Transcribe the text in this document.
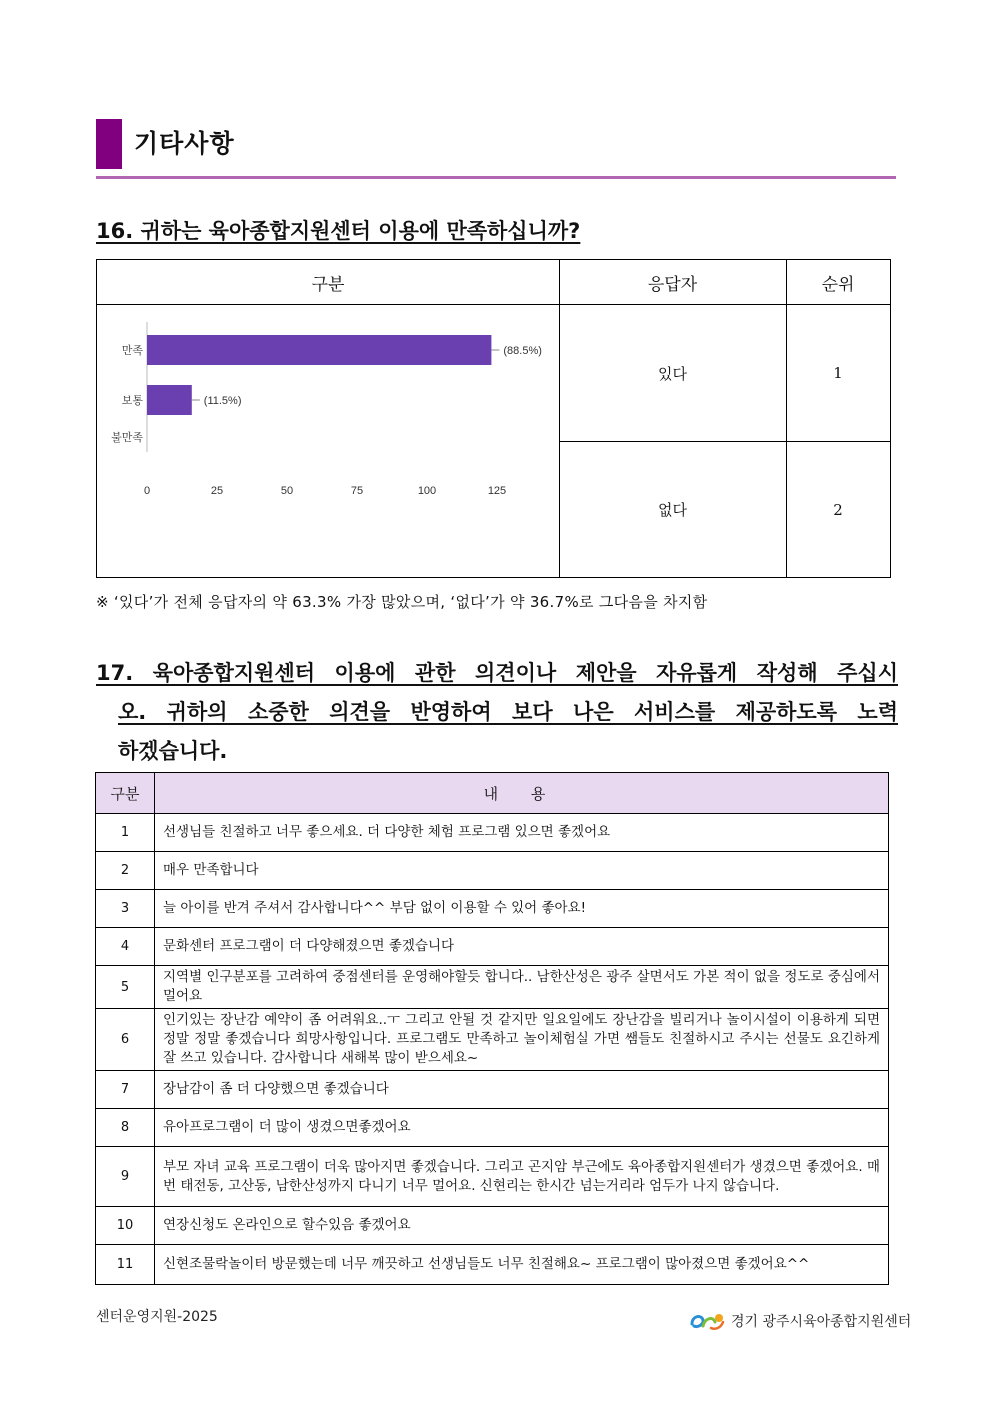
기타사항
16. 귀하는 육아종합지원센터 이용에 만족하십니까?
구분	응답자	순위
있다	1
없다	2
만족	(88.5%)
보통	(11.5%)
불만족
0	25	50	75	100	125
※ ‘있다’가 전체 응답자의 약 63.3% 가장 많았으며, ‘없다’가 약 36.7%로 그다음을 차지함
17. 육아종합지원센터 이용에 관한 의견이나 제안을 자유롭게 작성해 주십시
오. 귀하의 소중한 의견을 반영하여 보다 나은 서비스를 제공하도록 노력
하겠습니다.
구분	내 용
1	선생님들 친절하고 너무 좋으세요. 더 다양한 체험 프로그램 있으면 좋겠어요
2	매우 만족합니다
3	늘 아이를 반겨 주셔서 감사합니다^^ 부담 없이 이용할 수 있어 좋아요!
4	문화센터 프로그램이 더 다양해졌으면 좋겠습니다
5	지역별 인구분포를 고려하여 중점센터를 운영해야할듯 합니다.. 남한산성은 광주 살면서도 가본 적이 없을 정도로 중심에서 멀어요
6	인기있는 장난감 예약이 좀 어려워요..ㅜ 그리고 안될 것 같지만 일요일에도 장난감을 빌리거나 놀이시설이 이용하게 되면 정말 정말 좋겠습니다 희망사항입니다. 프로그램도 만족하고 놀이체험실 가면 쌤들도 친절하시고 주시는 선물도 요긴하게 잘 쓰고 있습니다. 감사합니다 새해복 많이 받으세요~
7	장남감이 좀 더 다양했으면 좋겠습니다
8	유아프로그램이 더 많이 생겼으면좋겠어요
9	부모 자녀 교육 프로그램이 더욱 많아지면 좋겠습니다. 그리고 곤지암 부근에도 육아종합지원센터가 생겼으면 좋겠어요. 매번 태전동, 고산동, 남한산성까지 다니기 너무 멀어요. 신현리는 한시간 넘는거리라 엄두가 나지 않습니다.
10	연장신청도 온라인으로 할수있음 좋겠어요
11	신현조물락놀이터 방문했는데 너무 깨끗하고 선생님들도 너무 친절해요~ 프로그램이 많아졌으면 좋겠어요^^
센터운영지원-2025	경기 광주시육아종합지원센터
